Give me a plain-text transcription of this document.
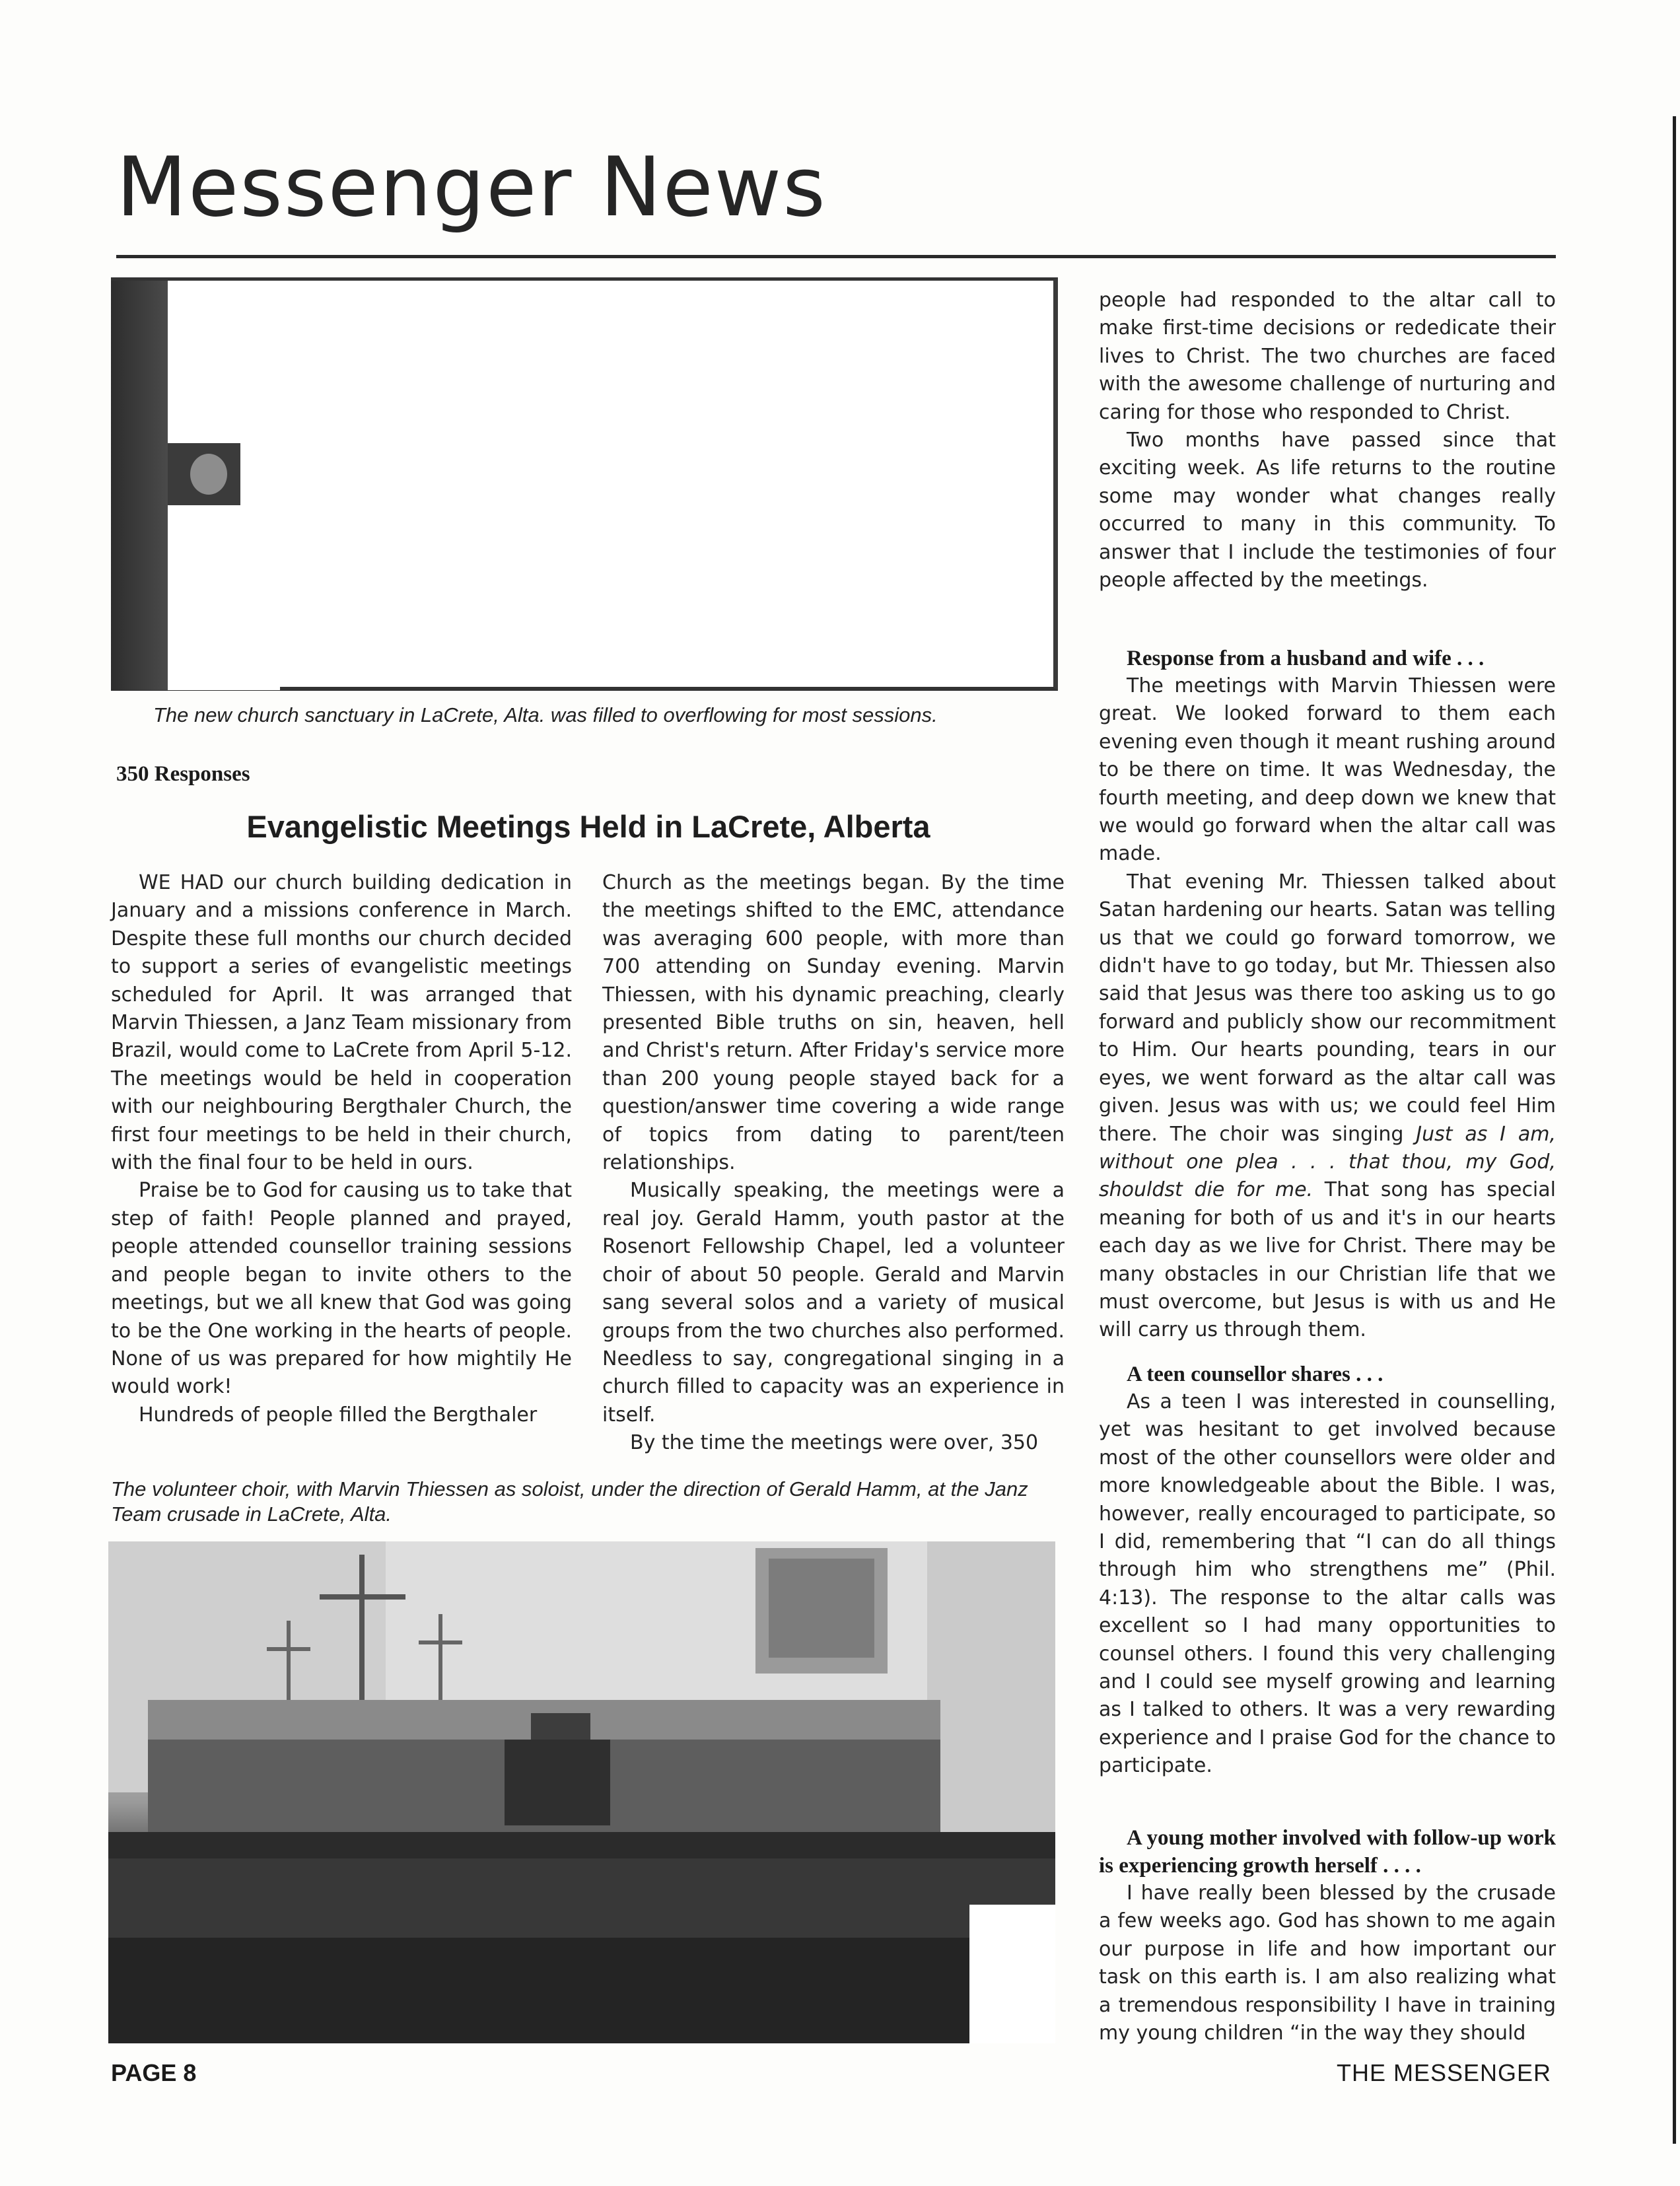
Messenger News
The new church sanctuary in LaCrete, Alta. was filled to overflowing for most sessions.
350 Responses
Evangelistic Meetings Held in LaCrete, Alberta

WE HAD our church building dedication in January and a missions conference in March. Despite these full months our church decided to support a series of evangelistic meetings scheduled for April. It was arranged that Marvin Thiessen, a Janz Team missionary from Brazil, would come to LaCrete from April 5-12. The meetings would be held in cooperation with our neighbouring Bergthaler Church, the first four meetings to be held in their church, with the final four to be held in ours.

Praise be to God for causing us to take that step of faith! People planned and prayed, people attended counsellor training sessions and people began to invite others to the meetings, but we all knew that God was going to be the One working in the hearts of people. None of us was prepared for how mightily He would work!

Hundreds of people filled the Bergthaler

Church as the meetings began. By the time the meetings shifted to the EMC, attendance was averaging 600 people, with more than 700 attending on Sunday evening. Marvin Thiessen, with his dynamic preaching, clearly presented Bible truths on sin, heaven, hell and Christ's return. After Friday's service more than 200 young people stayed back for a question/answer time covering a wide range of topics from dating to parent/teen relationships.

Musically speaking, the meetings were a real joy. Gerald Hamm, youth pastor at the Rosenort Fellowship Chapel, led a volunteer choir of about 50 people. Gerald and Marvin sang several solos and a variety of musical groups from the two churches also performed. Needless to say, congregational singing in a church filled to capacity was an experience in itself.

By the time the meetings were over, 350

The volunteer choir, with Marvin Thiessen as soloist, under the direction of Gerald Hamm, at the Janz Team crusade in LaCrete, Alta.

people had responded to the altar call to make first-time decisions or rededicate their lives to Christ. The two churches are faced with the awesome challenge of nurturing and caring for those who responded to Christ.

Two months have passed since that exciting week. As life returns to the routine some may wonder what changes really occurred to many in this community. To answer that I include the testimonies of four people affected by the meetings.

Response from a husband and wife . . .

The meetings with Marvin Thiessen were great. We looked forward to them each evening even though it meant rushing around to be there on time. It was Wednesday, the fourth meeting, and deep down we knew that we would go forward when the altar call was made.

That evening Mr. Thiessen talked about Satan hardening our hearts. Satan was telling us that we could go forward tomorrow, we didn't have to go today, but Mr. Thiessen also said that Jesus was there too asking us to go forward and publicly show our recommitment to Him. Our hearts pounding, tears in our eyes, we went forward as the altar call was given. Jesus was with us; we could feel Him there. The choir was singing Just as I am, without one plea . . . that thou, my God, shouldst die for me. That song has special meaning for both of us and it's in our hearts each day as we live for Christ. There may be many obstacles in our Christian life that we must overcome, but Jesus is with us and He will carry us through them.

A teen counsellor shares . . .

As a teen I was interested in counselling, yet was hesitant to get involved because most of the other counsellors were older and more knowledgeable about the Bible. I was, however, really encouraged to participate, so I did, remembering that “I can do all things through him who strengthens me” (Phil. 4:13). The response to the altar calls was excellent so I had many opportunities to counsel others. I found this very challenging and I could see myself growing and learning as I talked to others. It was a very rewarding experience and I praise God for the chance to participate.

A young mother involved with follow-up work is experiencing growth herself . . . .

I have really been blessed by the crusade a few weeks ago. God has shown to me again our purpose in life and how important our task on this earth is. I am also realizing what a tremendous responsibility I have in training my young children “in the way they should

PAGE 8	THE MESSENGER
